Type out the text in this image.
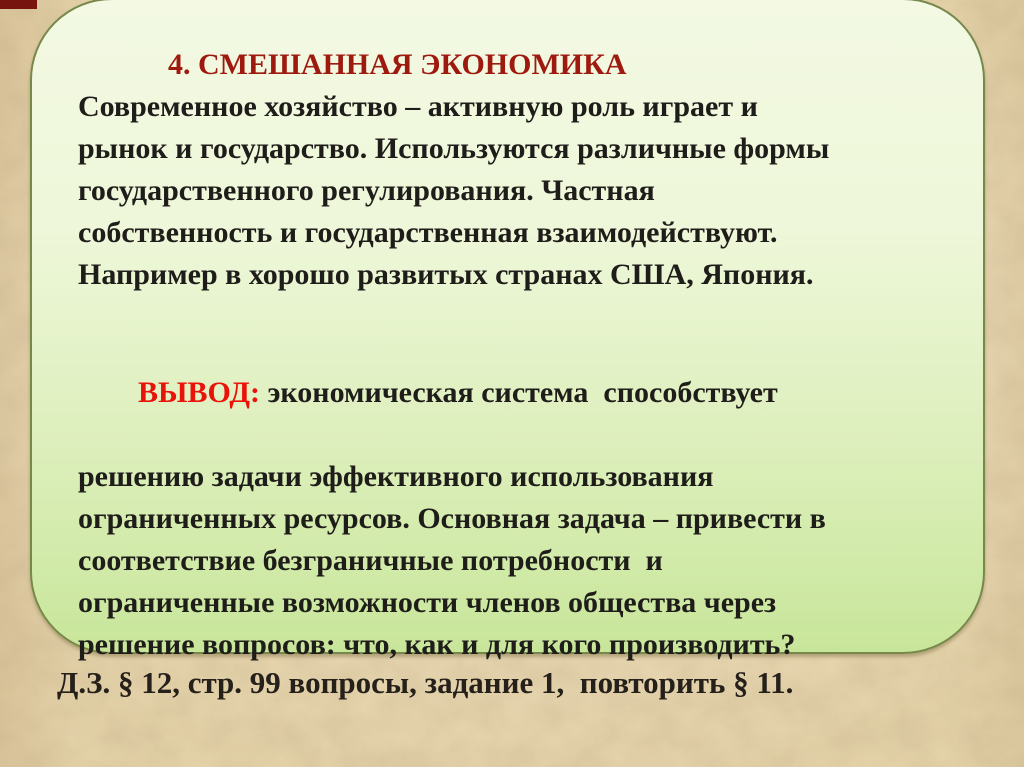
4. СМЕШАННАЯ ЭКОНОМИКА
Современное хозяйство – активную роль играет и
рынок и государство. Используются различные формы
государственного регулирования. Частная
собственность и государственная взаимодействуют.
Например в хорошо развитых странах США, Япония.

ВЫВОД: экономическая система  способствует

решению задачи эффективного использования
ограниченных ресурсов. Основная задача – привести в
соответствие безграничные потребности  и
ограниченные возможности членов общества через
решение вопросов: что, как и для кого производить?
Д.З. § 12, стр. 99 вопросы, задание 1,  повторить § 11.
